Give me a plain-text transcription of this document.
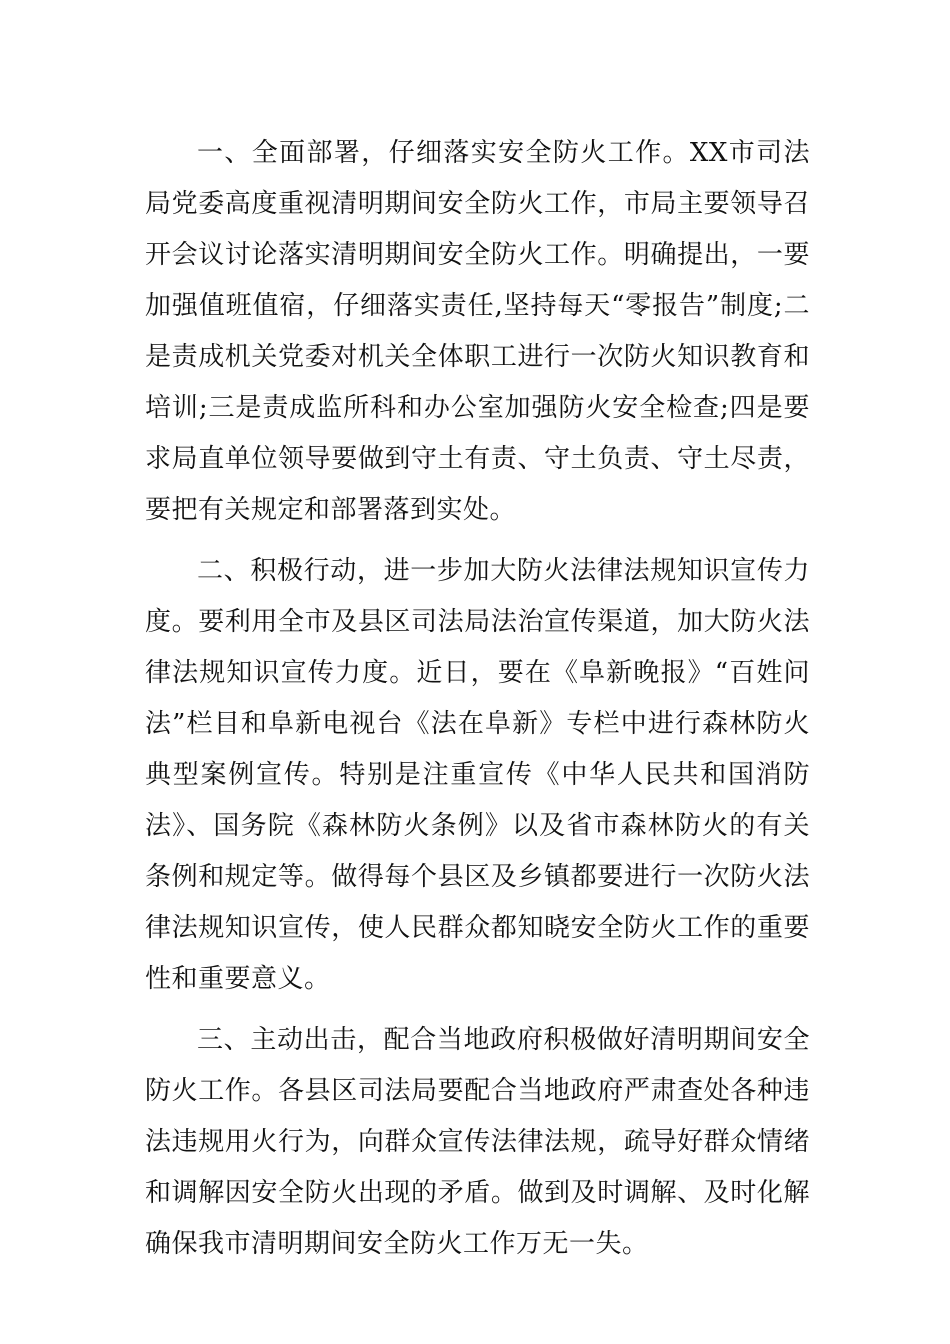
一、全面部署，仔细落实安全防火工作。XX市司法局党委高度重视清明期间安全防火工作，市局主要领导召开会议讨论落实清明期间安全防火工作。明确提出，一要加强值班值宿，仔细落实责任,坚持每天“零报告”制度;二是责成机关党委对机关全体职工进行一次防火知识教育和培训;三是责成监所科和办公室加强防火安全检查;四是要求局直单位领导要做到守土有责、守土负责、守土尽责，要把有关规定和部署落到实处。

二、积极行动，进一步加大防火法律法规知识宣传力度。要利用全市及县区司法局法治宣传渠道，加大防火法律法规知识宣传力度。近日，要在《阜新晚报》“百姓问法”栏目和阜新电视台《法在阜新》专栏中进行森林防火典型案例宣传。特别是注重宣传《中华人民共和国消防法》、国务院《森林防火条例》以及省市森林防火的有关条例和规定等。做得每个县区及乡镇都要进行一次防火法律法规知识宣传，使人民群众都知晓安全防火工作的重要性和重要意义。

三、主动出击，配合当地政府积极做好清明期间安全防火工作。各县区司法局要配合当地政府严肃查处各种违法违规用火行为，向群众宣传法律法规，疏导好群众情绪和调解因安全防火出现的矛盾。做到及时调解、及时化解确保我市清明期间安全防火工作万无一失。
